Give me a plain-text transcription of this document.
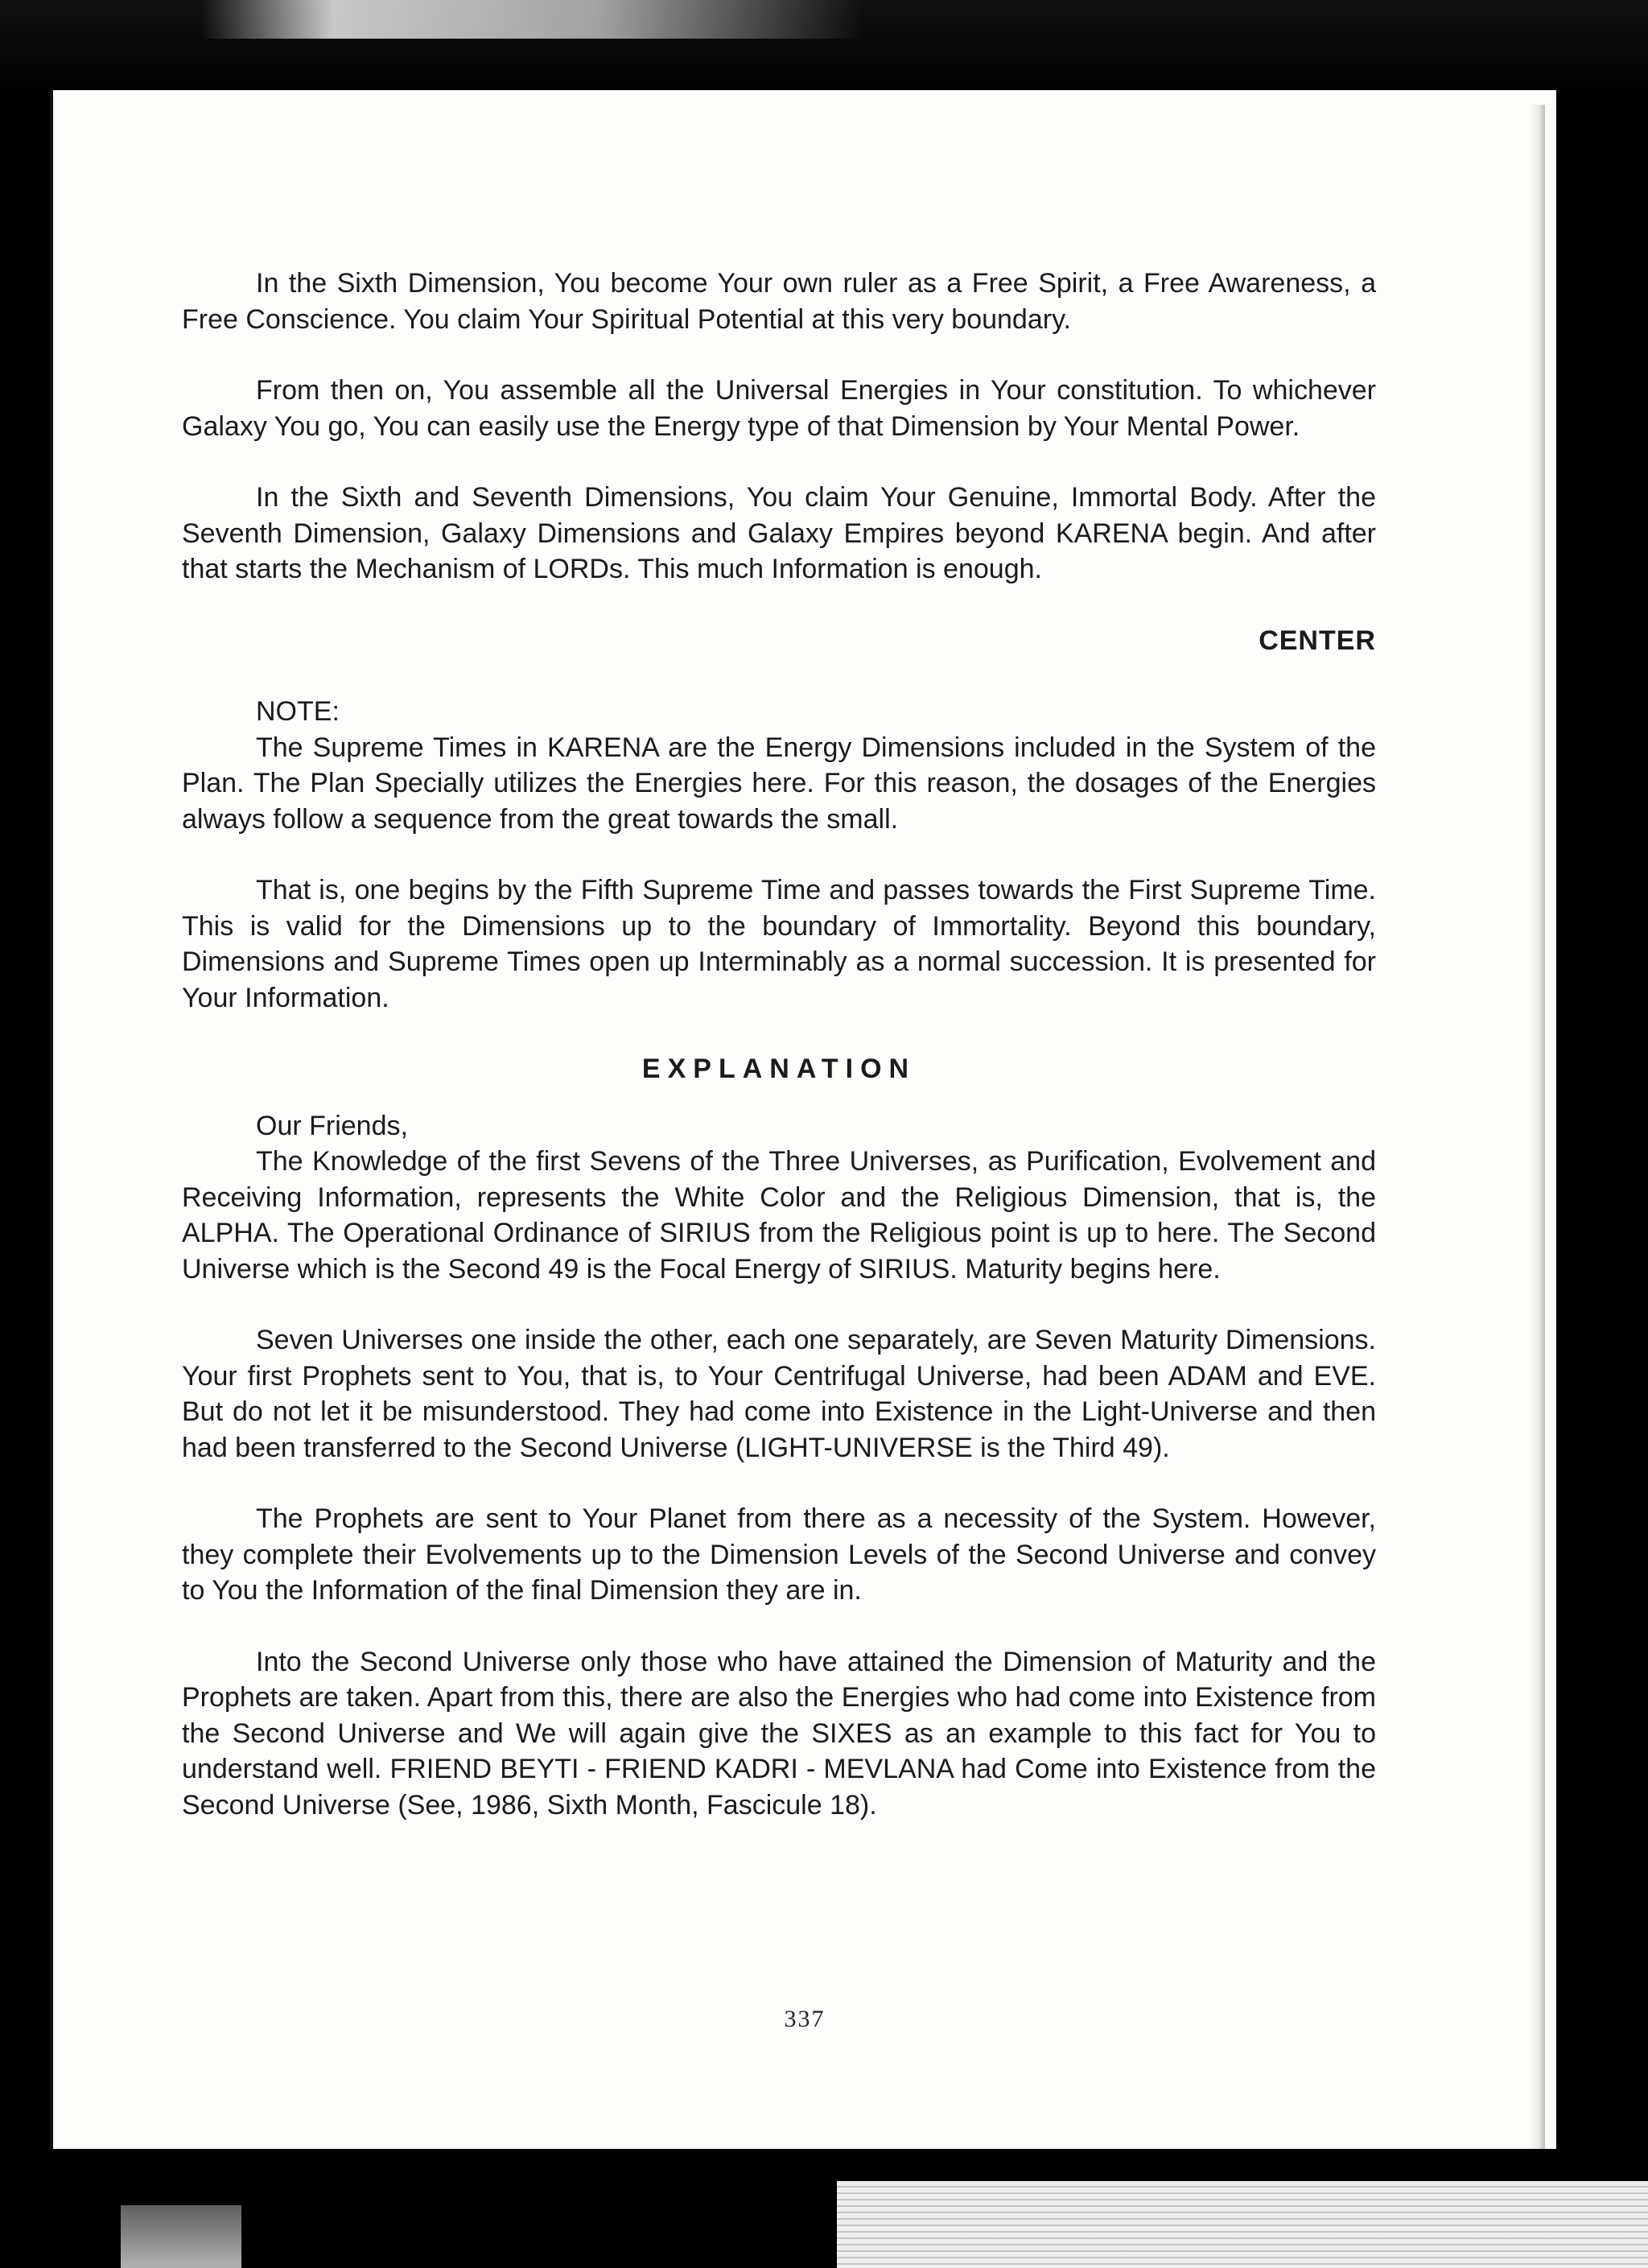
In the Sixth Dimension, You become Your own ruler as a Free Spirit, a Free Awareness, a Free Conscience. You claim Your Spiritual Potential at this very boundary.

From then on, You assemble all the Universal Energies in Your constitution. To whichever Galaxy You go, You can easily use the Energy type of that Dimension by Your Mental Power.

In the Sixth and Seventh Dimensions, You claim Your Genuine, Immortal Body. After the Seventh Dimension, Galaxy Dimensions and Galaxy Empires beyond KARENA begin. And after that starts the Mechanism of LORDs. This much Information is enough.

CENTER
NOTE:

The Supreme Times in KARENA are the Energy Dimensions included in the System of the Plan. The Plan Specially utilizes the Energies here. For this reason, the dosages of the Energies always follow a sequence from the great towards the small.

That is, one begins by the Fifth Supreme Time and passes towards the First Supreme Time. This is valid for the Dimensions up to the boundary of Immortality. Beyond this boundary, Dimensions and Supreme Times open up Interminably as a normal succession. It is presented for Your Information.

EXPLANATION
Our Friends,

The Knowledge of the first Sevens of the Three Universes, as Purification, Evolvement and Receiving Information, represents the White Color and the Religious Dimension, that is, the ALPHA. The Operational Ordinance of SIRIUS from the Religious point is up to here. The Second Universe which is the Second 49 is the Focal Energy of SIRIUS. Maturity begins here.

Seven Universes one inside the other, each one separately, are Seven Maturity Dimensions. Your first Prophets sent to You, that is, to Your Centrifugal Universe, had been ADAM and EVE. But do not let it be misunderstood. They had come into Existence in the Light-Universe and then had been transferred to the Second Universe (LIGHT-UNIVERSE is the Third 49).

The Prophets are sent to Your Planet from there as a necessity of the System. However, they complete their Evolvements up to the Dimension Levels of the Second Universe and convey to You the Information of the final Dimension they are in.

Into the Second Universe only those who have attained the Dimension of Maturity and the Prophets are taken. Apart from this, there are also the Energies who had come into Existence from the Second Universe and We will again give the SIXES as an example to this fact for You to understand well. FRIEND BEYTI - FRIEND KADRI - MEVLANA had Come into Existence from the Second Universe (See, 1986, Sixth Month, Fascicule 18).

337
